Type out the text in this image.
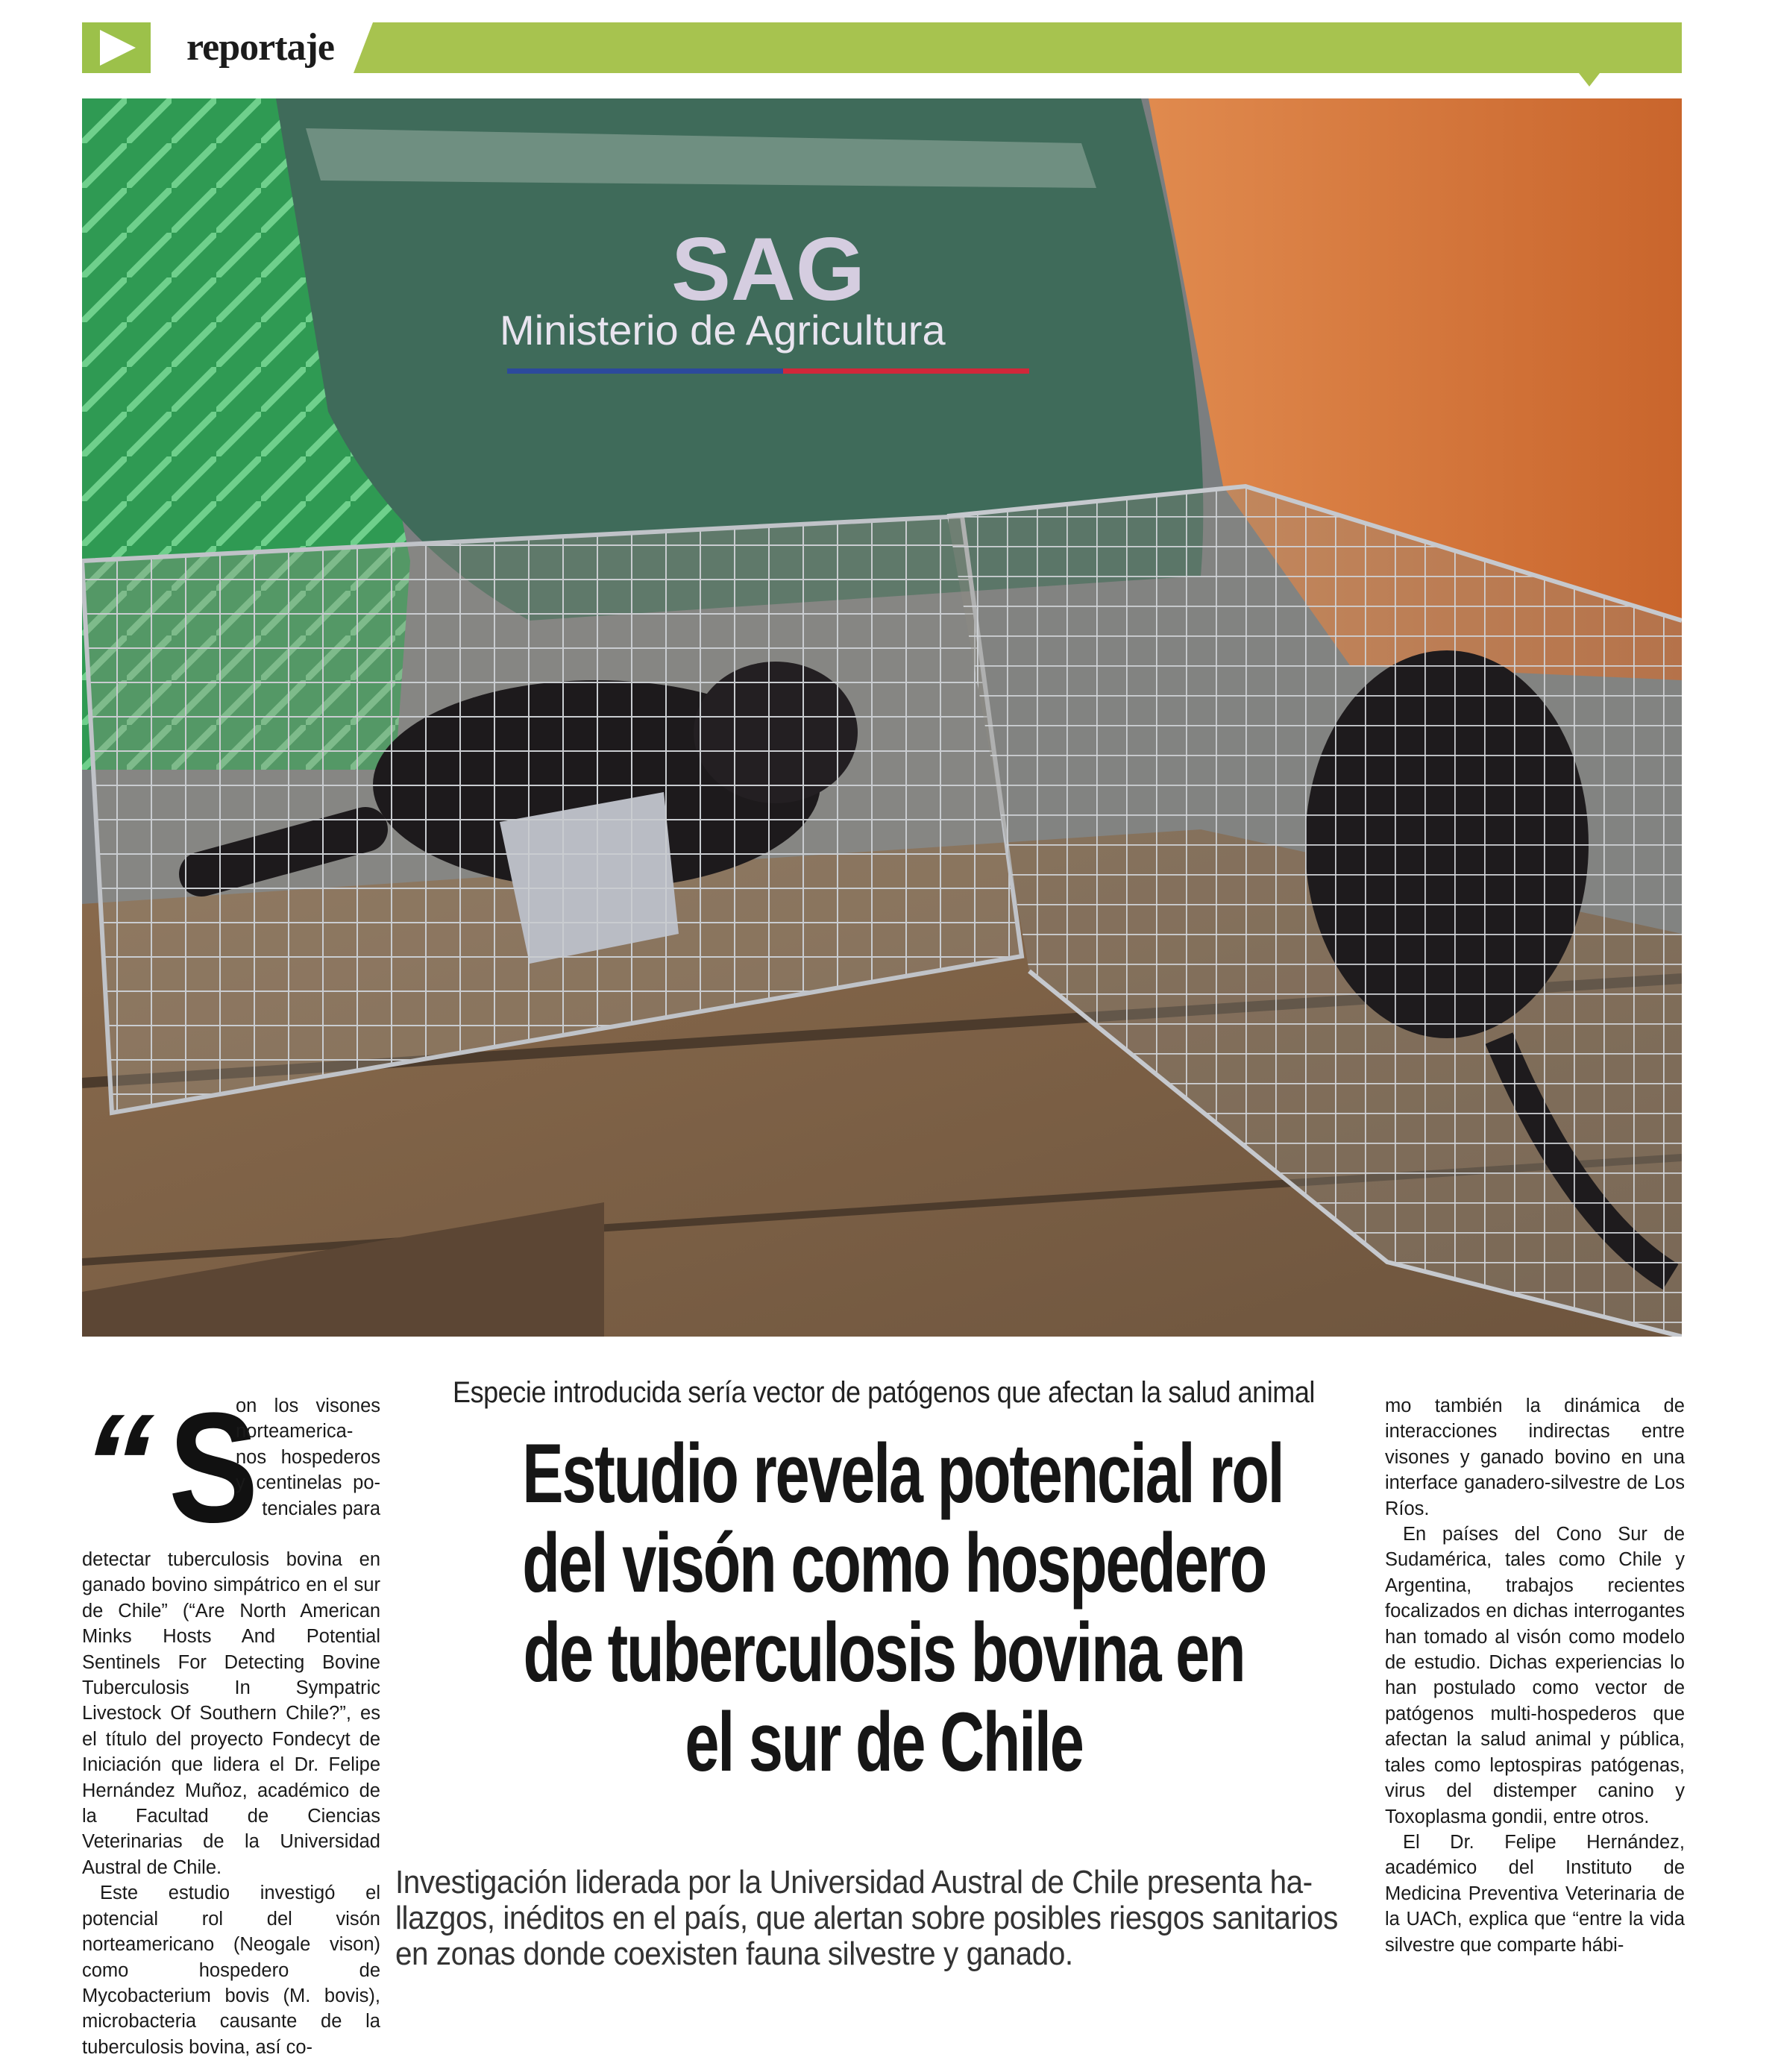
reportaje
SAG
Ministerio de Agricultura
“ S
on los visones
norteamerica-
nos hospederos
y centinelas po-
tenciales para

detectar tuberculosis bovina en ganado bovino simpátrico en el sur de Chile” (“Are North American Minks Hosts And Potential Sentinels For Detecting Bovine Tuberculosis In Sympatric Livestock Of Southern Chile?”, es el título del proyecto Fondecyt de Iniciación que lidera el Dr. Felipe Hernández Muñoz, académico de la Facultad de Ciencias Veterinarias de la Universidad Austral de Chile.

Este estudio investigó el potencial rol del visón norteamericano (Neogale vison) como hospedero de Mycobacterium bovis (M. bovis), microbacteria causante de la tuberculosis bovina, así co-

Especie introducida sería vector de patógenos que afectan la salud animal
Estudio revela potencial rol
del visón como hospedero
de tuberculosis bovina en
el sur de Chile
Investigación liderada por la Universidad Austral de Chile presenta ha-
llazgos, inéditos en el país, que alertan sobre posibles riesgos sanitarios
en zonas donde coexisten fauna silvestre y ganado.

mo también la dinámica de interacciones indirectas entre visones y ganado bovino en una interface ganadero-silvestre de Los Ríos.

En países del Cono Sur de Sudamérica, tales como Chile y Argentina, trabajos recientes focalizados en dichas interrogantes han tomado al visón como modelo de estudio. Dichas experiencias lo han postulado como vector de patógenos multi-hospederos que afectan la salud animal y pública, tales como leptospiras patógenas, virus del distemper canino y Toxoplasma gondii, entre otros.

El Dr. Felipe Hernández, académico del Instituto de Medicina Preventiva Veterinaria de la UACh, explica que “entre la vida silvestre que comparte hábi-
